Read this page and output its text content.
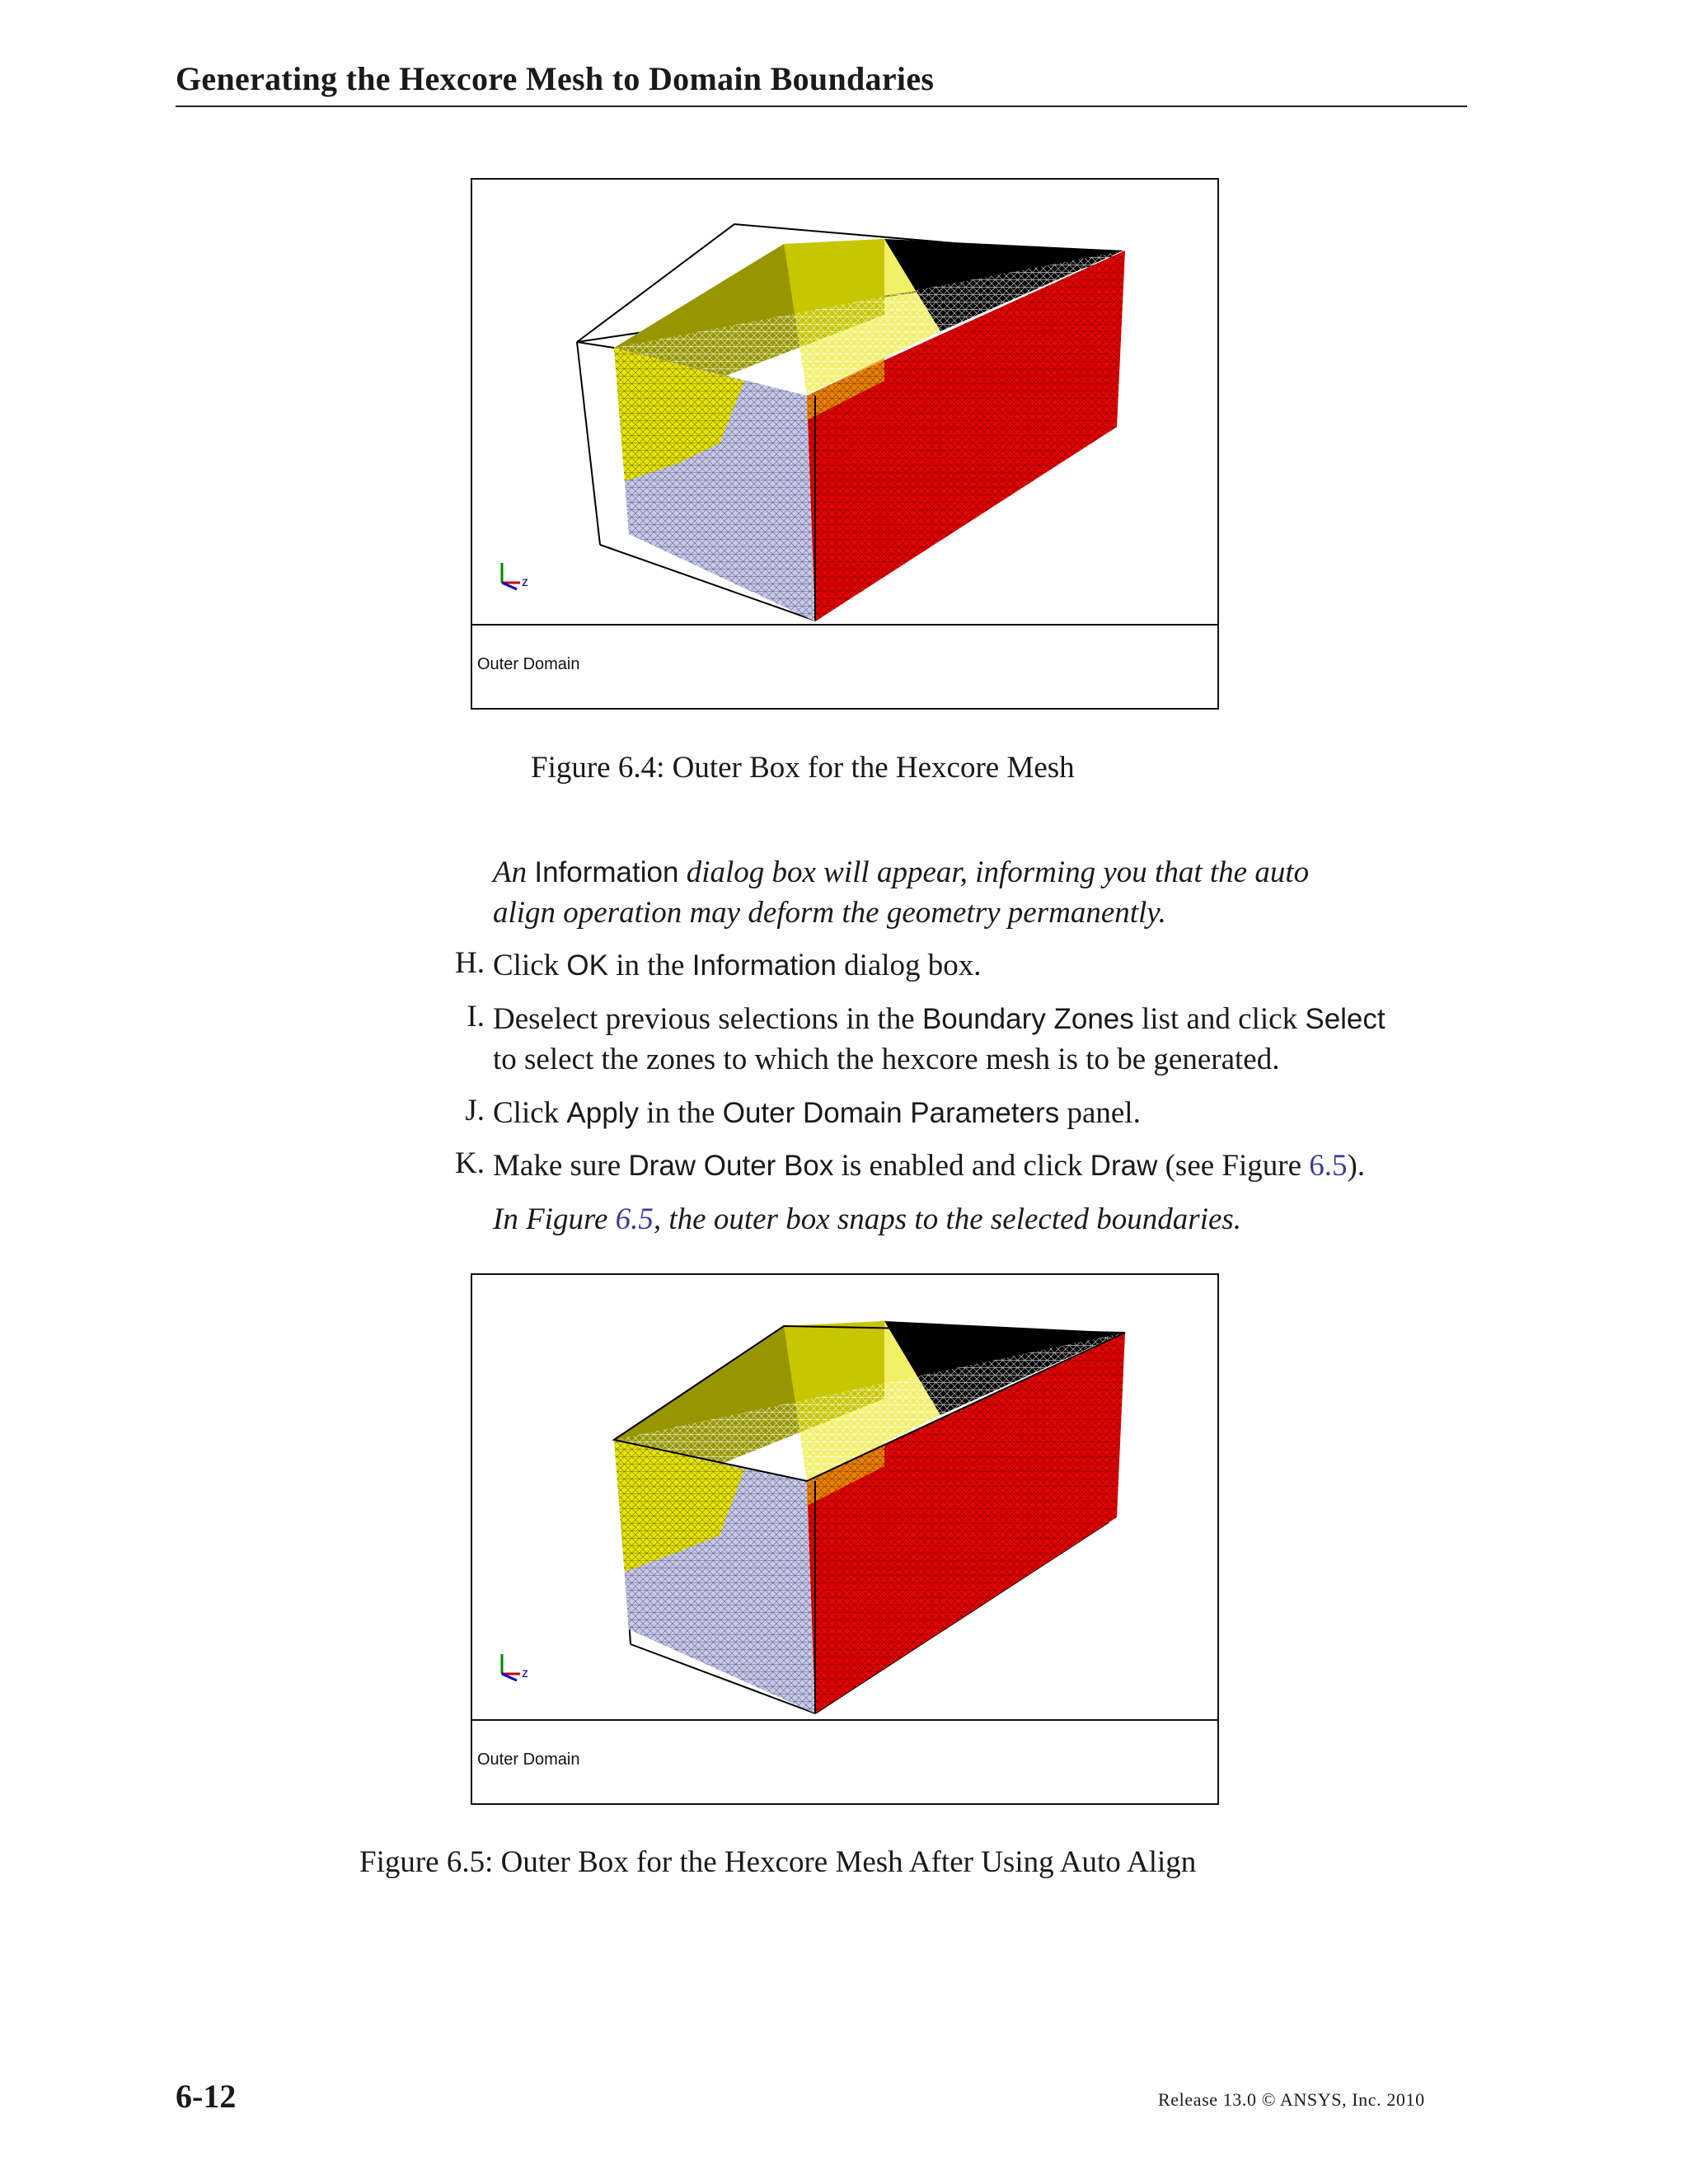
Generating the Hexcore Mesh to Domain Boundaries
z
Outer Domain
Figure 6.4: Outer Box for the Hexcore Mesh
An Information dialog box will appear, informing you that the auto
align operation may deform the geometry permanently.
H. Click OK in the Information dialog box.
I. Deselect previous selections in the Boundary Zones list and click Select
to select the zones to which the hexcore mesh is to be generated.
J. Click Apply in the Outer Domain Parameters panel.
K. Make sure Draw Outer Box is enabled and click Draw (see Figure 6.5).
In Figure 6.5, the outer box snaps to the selected boundaries.
z
Outer Domain
Figure 6.5: Outer Box for the Hexcore Mesh After Using Auto Align
6-12	Release 13.0 © ANSYS, Inc. 2010
